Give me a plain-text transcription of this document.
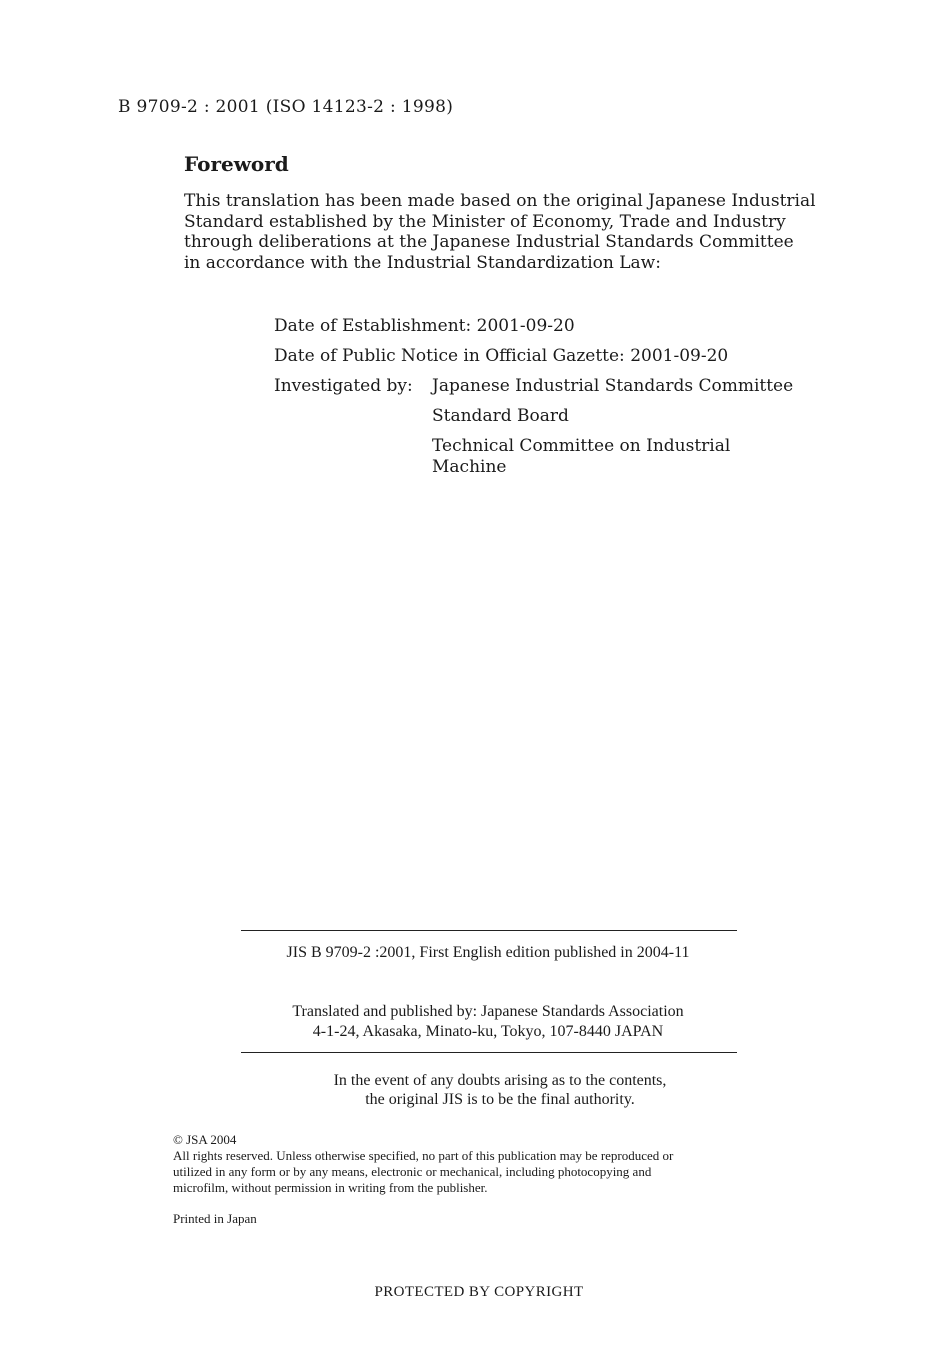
B 9709-2 : 2001 (ISO 14123-2 : 1998)
Foreword
This translation has been made based on the original Japanese Industrial
Standard established by the Minister of Economy, Trade and Industry
through deliberations at the Japanese Industrial Standards Committee
in accordance with the Industrial Standardization Law:
Date of Establishment: 2001-09-20
Date of Public Notice in Official Gazette: 2001-09-20
Investigated by: Japanese Industrial Standards Committee
Standard Board
Technical Committee on Industrial
Machine
JIS B 9709-2 :2001, First English edition published in 2004-11
Translated and published by: Japanese Standards Association
4-1-24, Akasaka, Minato-ku, Tokyo, 107-8440 JAPAN
In the event of any doubts arising as to the contents,
the original JIS is to be the final authority.
© JSA 2004
All rights reserved. Unless otherwise specified, no part of this publication may be reproduced or
utilized in any form or by any means, electronic or mechanical, including photocopying and
microfilm, without permission in writing from the publisher.
Printed in Japan
PROTECTED BY COPYRIGHT
